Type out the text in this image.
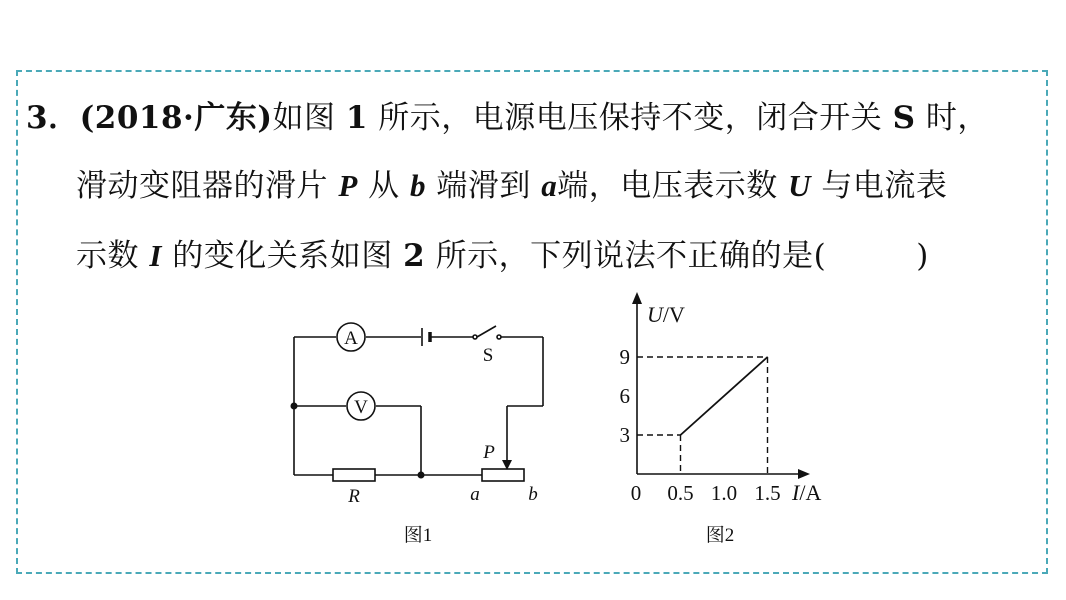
3．(2018·广东)如图 1 所示，电源电压保持不变，闭合开关 S 时，
滑动变阻器的滑片 P 从 b 端滑到 a端，电压表示数 U 与电流表
示数 I 的变化关系如图 2 所示，下列说法不正确的是(	)
A
V
S
P
R	a	b
图1
U/V
I/A
0
3
6
9
0.5 1.0 1.5
图2
